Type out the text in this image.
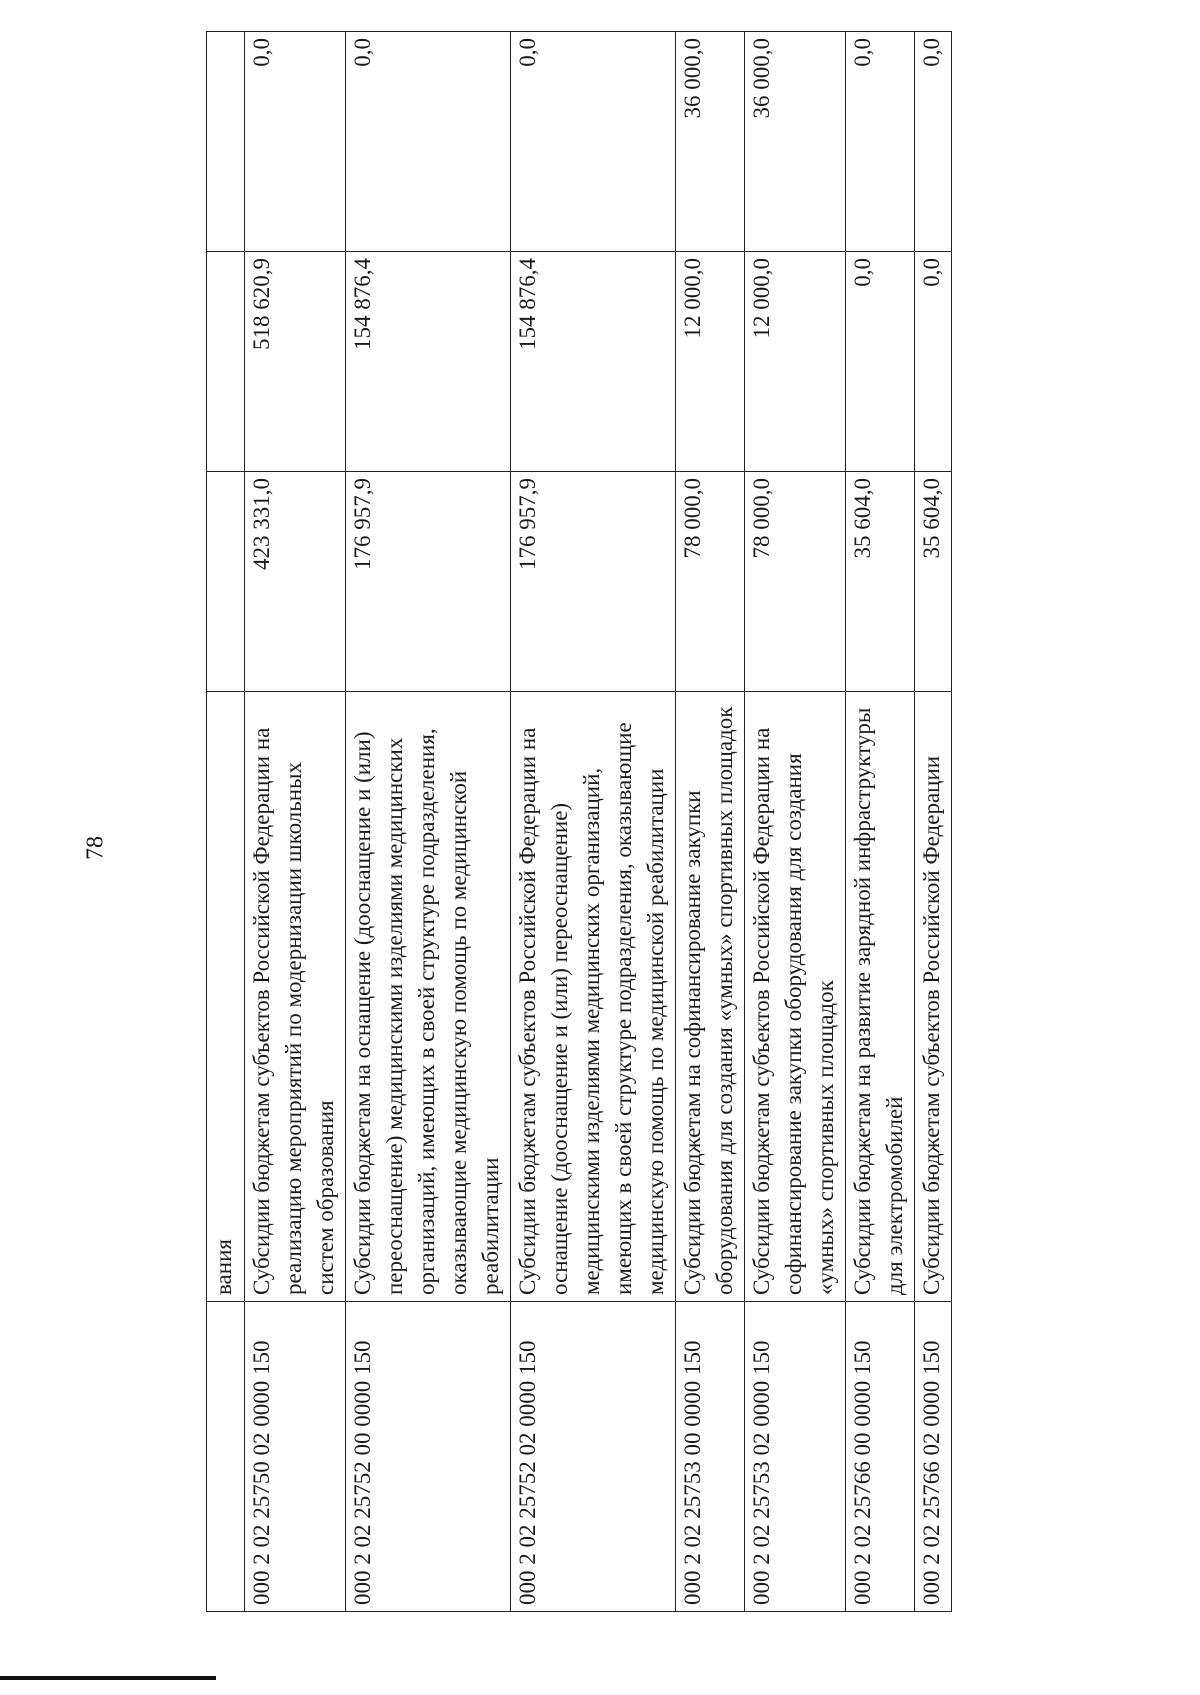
78
	вания			
000 2 02 25750 02 0000 150	Субсидии бюджетам субъектов Российской Федерации на реализацию мероприятий по модернизации школьных систем образования	423 331,0	518 620,9	0,0
000 2 02 25752 00 0000 150	Субсидии бюджетам на оснащение (дооснащение и (или) переоснащение) медицинскими изделиями медицинских организаций, имеющих в своей структуре подразделения, оказывающие медицинскую помощь по медицинской реабилитации	176 957,9	154 876,4	0,0
000 2 02 25752 02 0000 150	Субсидии бюджетам субъектов Российской Федерации на оснащение (дооснащение и (или) переоснащение) медицинскими изделиями медицинских организаций, имеющих в своей структуре подразделения, оказывающие медицинскую помощь по медицинской реабилитации	176 957,9	154 876,4	0,0
000 2 02 25753 00 0000 150	Субсидии бюджетам на софинансирование закупки оборудования для создания «умных» спортивных площадок	78 000,0	12 000,0	36 000,0
000 2 02 25753 02 0000 150	Субсидии бюджетам субъектов Российской Федерации на софинансирование закупки оборудования для создания «умных» спортивных площадок	78 000,0	12 000,0	36 000,0
000 2 02 25766 00 0000 150	Субсидии бюджетам на развитие зарядной инфраструктуры для электромобилей	35 604,0	0,0	0,0
000 2 02 25766 02 0000 150	Субсидии бюджетам субъектов Российской Федерации	35 604,0	0,0	0,0
